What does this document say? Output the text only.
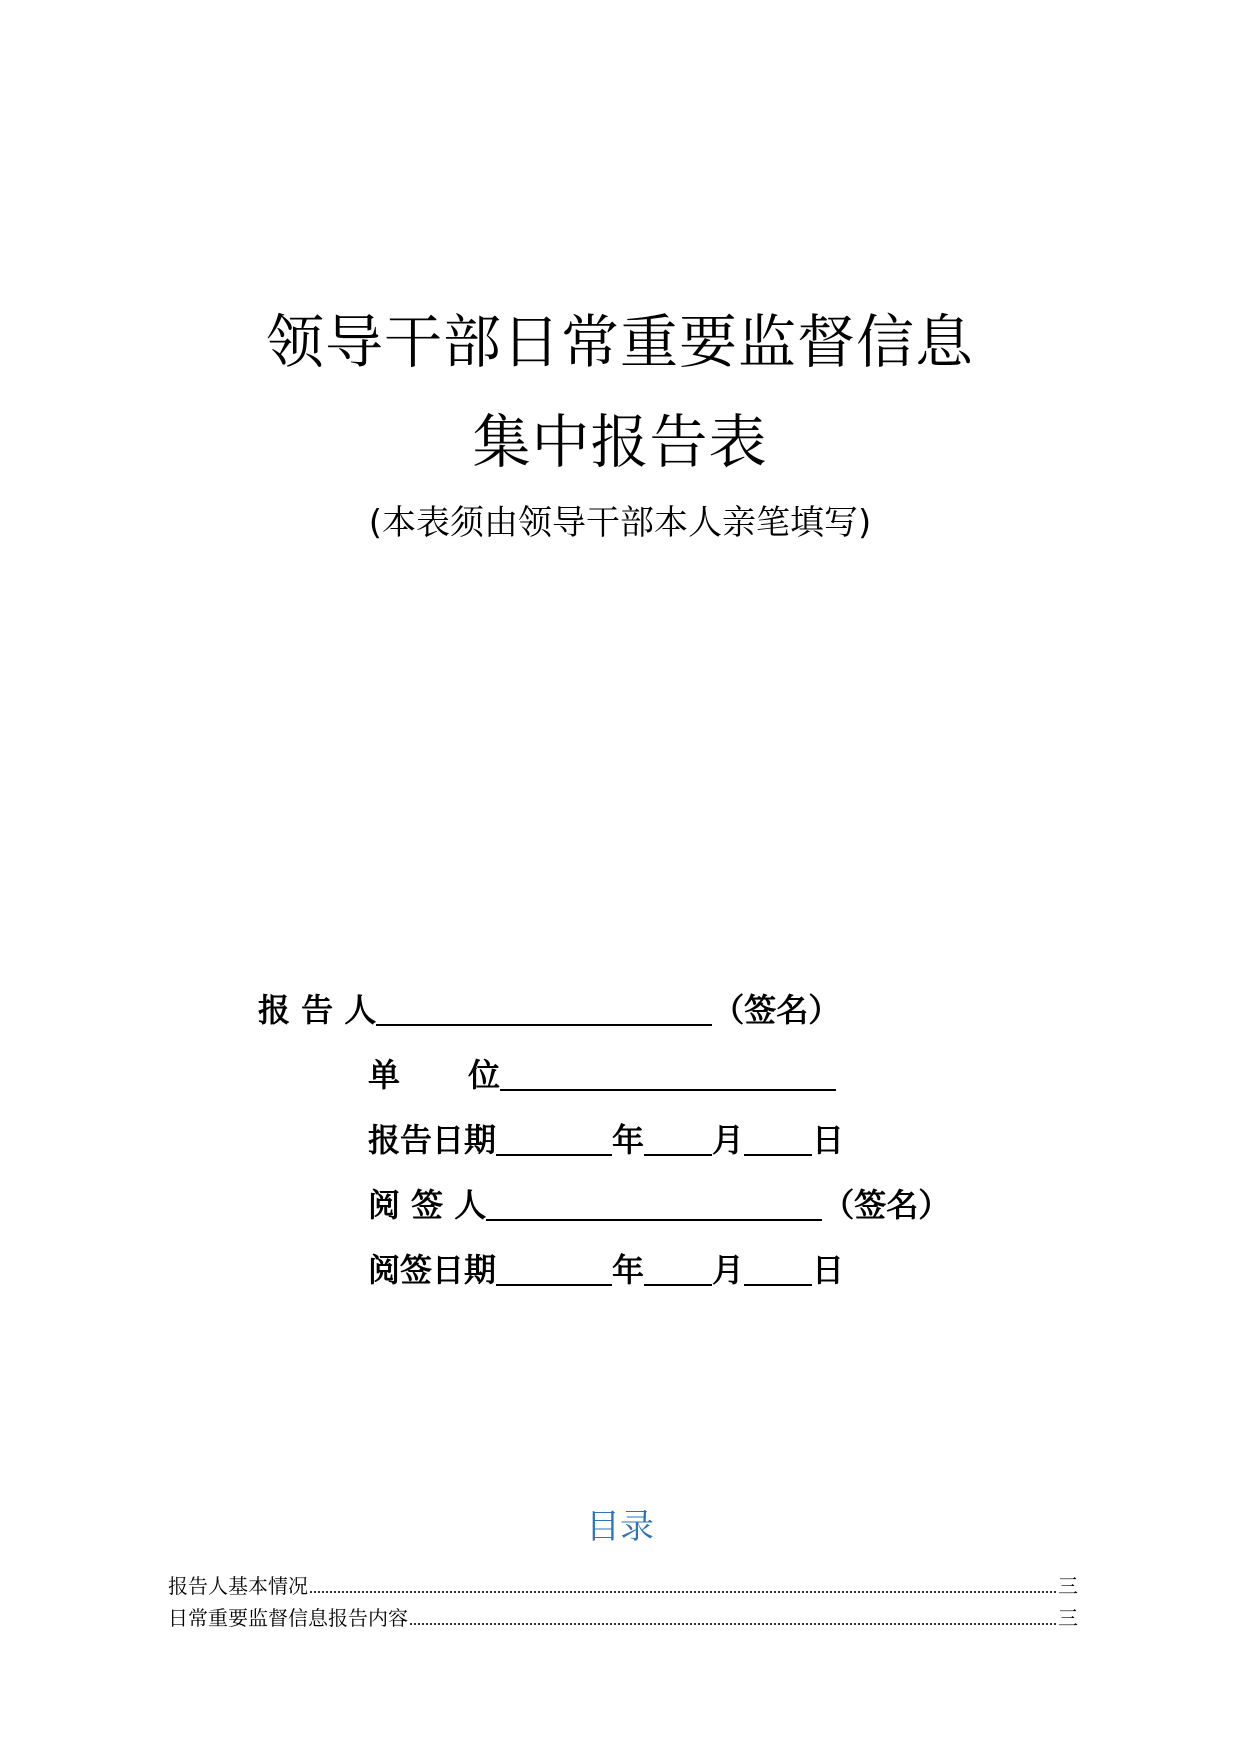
领导干部日常重要监督信息
集中报告表
(本表须由领导干部本人亲笔填写)
报 告 人	（签名）
单	位
报告日期	年 月 日
阅 签 人	（签名）
阅签日期	年 月 日
目录
报告人基本情况	三
日常重要监督信息报告内容	三
